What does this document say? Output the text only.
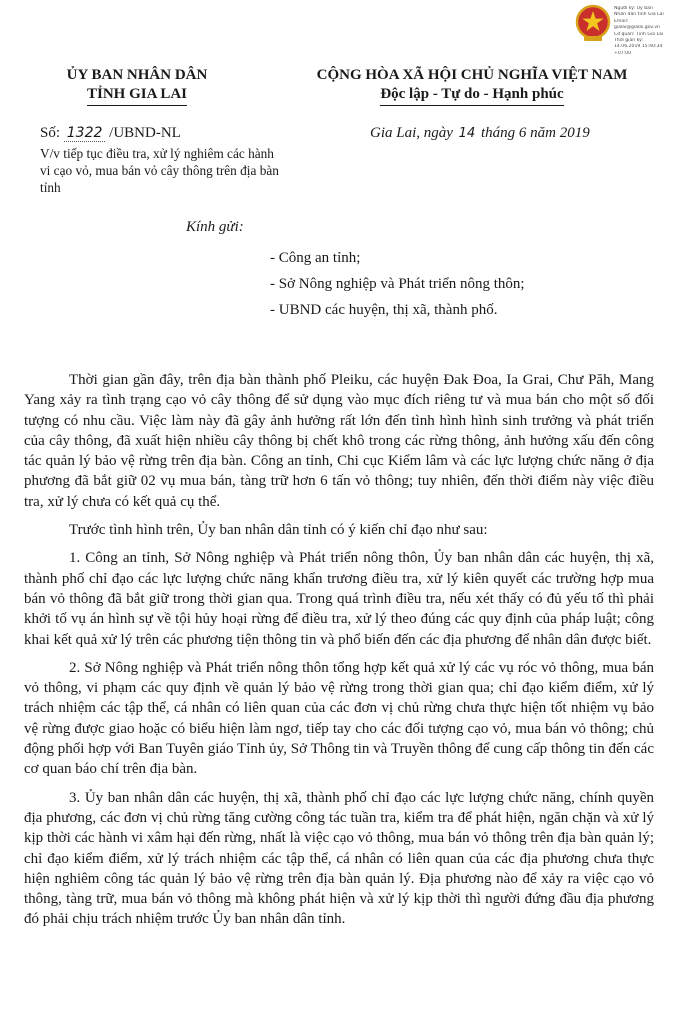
Người ký: Ủy ban
Nhân dân tỉnh Gia Lai
Email:
gialai@gialai.gov.vn
Cơ quan: Tỉnh Gia Lai
Thời gian ký:
14.06.2019 15:40:34
+07:00
ỦY BAN NHÂN DÂN
TỈNH GIA LAI
CỘNG HÒA XÃ HỘI CHỦ NGHĨA VIỆT NAM
Độc lập - Tự do - Hạnh phúc
Số: 1322 /UBND-NL
V/v tiếp tục điều tra, xử lý nghiêm các hành vi cạo vỏ, mua bán vỏ cây thông trên địa bàn tỉnh
Gia Lai, ngày 14 tháng 6 năm 2019
Kính gửi:
- Công an tỉnh;
- Sở Nông nghiệp và Phát triển nông thôn;
- UBND các huyện, thị xã, thành phố.

Thời gian gần đây, trên địa bàn thành phố Pleiku, các huyện Đak Đoa, Ia Grai, Chư Păh, Mang Yang xảy ra tình trạng cạo vỏ cây thông để sử dụng vào mục đích riêng tư và mua bán cho một số đối tượng có nhu cầu. Việc làm này đã gây ảnh hưởng rất lớn đến tình hình hình sinh trưởng và phát triển của cây thông, đã xuất hiện nhiều cây thông bị chết khô trong các rừng thông, ảnh hưởng xấu đến công tác quản lý bảo vệ rừng trên địa bàn. Công an tỉnh, Chi cục Kiểm lâm và các lực lượng chức năng ở địa phương đã bắt giữ 02 vụ mua bán, tàng trữ hơn 6 tấn vỏ thông; tuy nhiên, đến thời điểm này việc điều tra, xử lý chưa có kết quả cụ thể.

Trước tình hình trên, Ủy ban nhân dân tỉnh có ý kiến chỉ đạo như sau:

1. Công an tỉnh, Sở Nông nghiệp và Phát triển nông thôn, Ủy ban nhân dân các huyện, thị xã, thành phố chỉ đạo các lực lượng chức năng khẩn trương điều tra, xử lý kiên quyết các trường hợp mua bán vỏ thông đã bắt giữ trong thời gian qua. Trong quá trình điều tra, nếu xét thấy có đủ yếu tố thì phải khởi tố vụ án hình sự về tội hủy hoại rừng để điều tra, xử lý theo đúng các quy định của pháp luật; công khai kết quả xử lý trên các phương tiện thông tin và phổ biến đến các địa phương để nhân dân được biết.

2. Sở Nông nghiệp và Phát triển nông thôn tổng hợp kết quả xử lý các vụ róc vỏ thông, mua bán vỏ thông, vi phạm các quy định về quản lý bảo vệ rừng trong thời gian qua; chỉ đạo kiểm điểm, xử lý trách nhiệm các tập thể, cá nhân có liên quan của các đơn vị chủ rừng chưa thực hiện tốt nhiệm vụ bảo vệ rừng được giao hoặc có biểu hiện làm ngơ, tiếp tay cho các đối tượng cạo vỏ, mua bán vỏ thông; chủ động phối hợp với Ban Tuyên giáo Tỉnh ủy, Sở Thông tin và Truyền thông để cung cấp thông tin đến các cơ quan báo chí trên địa bàn.

3. Ủy ban nhân dân các huyện, thị xã, thành phố chỉ đạo các lực lượng chức năng, chính quyền địa phương, các đơn vị chủ rừng tăng cường công tác tuần tra, kiểm tra để phát hiện, ngăn chặn và xử lý kịp thời các hành vi xâm hại đến rừng, nhất là việc cạo vỏ thông, mua bán vỏ thông trên địa bàn quản lý; chỉ đạo kiểm điểm, xử lý trách nhiệm các tập thể, cá nhân có liên quan của các địa phương chưa thực hiện nghiêm công tác quản lý bảo vệ rừng trên địa bàn quản lý. Địa phương nào để xảy ra việc cạo vỏ thông, tàng trữ, mua bán vỏ thông mà không phát hiện và xử lý kịp thời thì người đứng đầu địa phương đó phải chịu trách nhiệm trước Ủy ban nhân dân tỉnh.
